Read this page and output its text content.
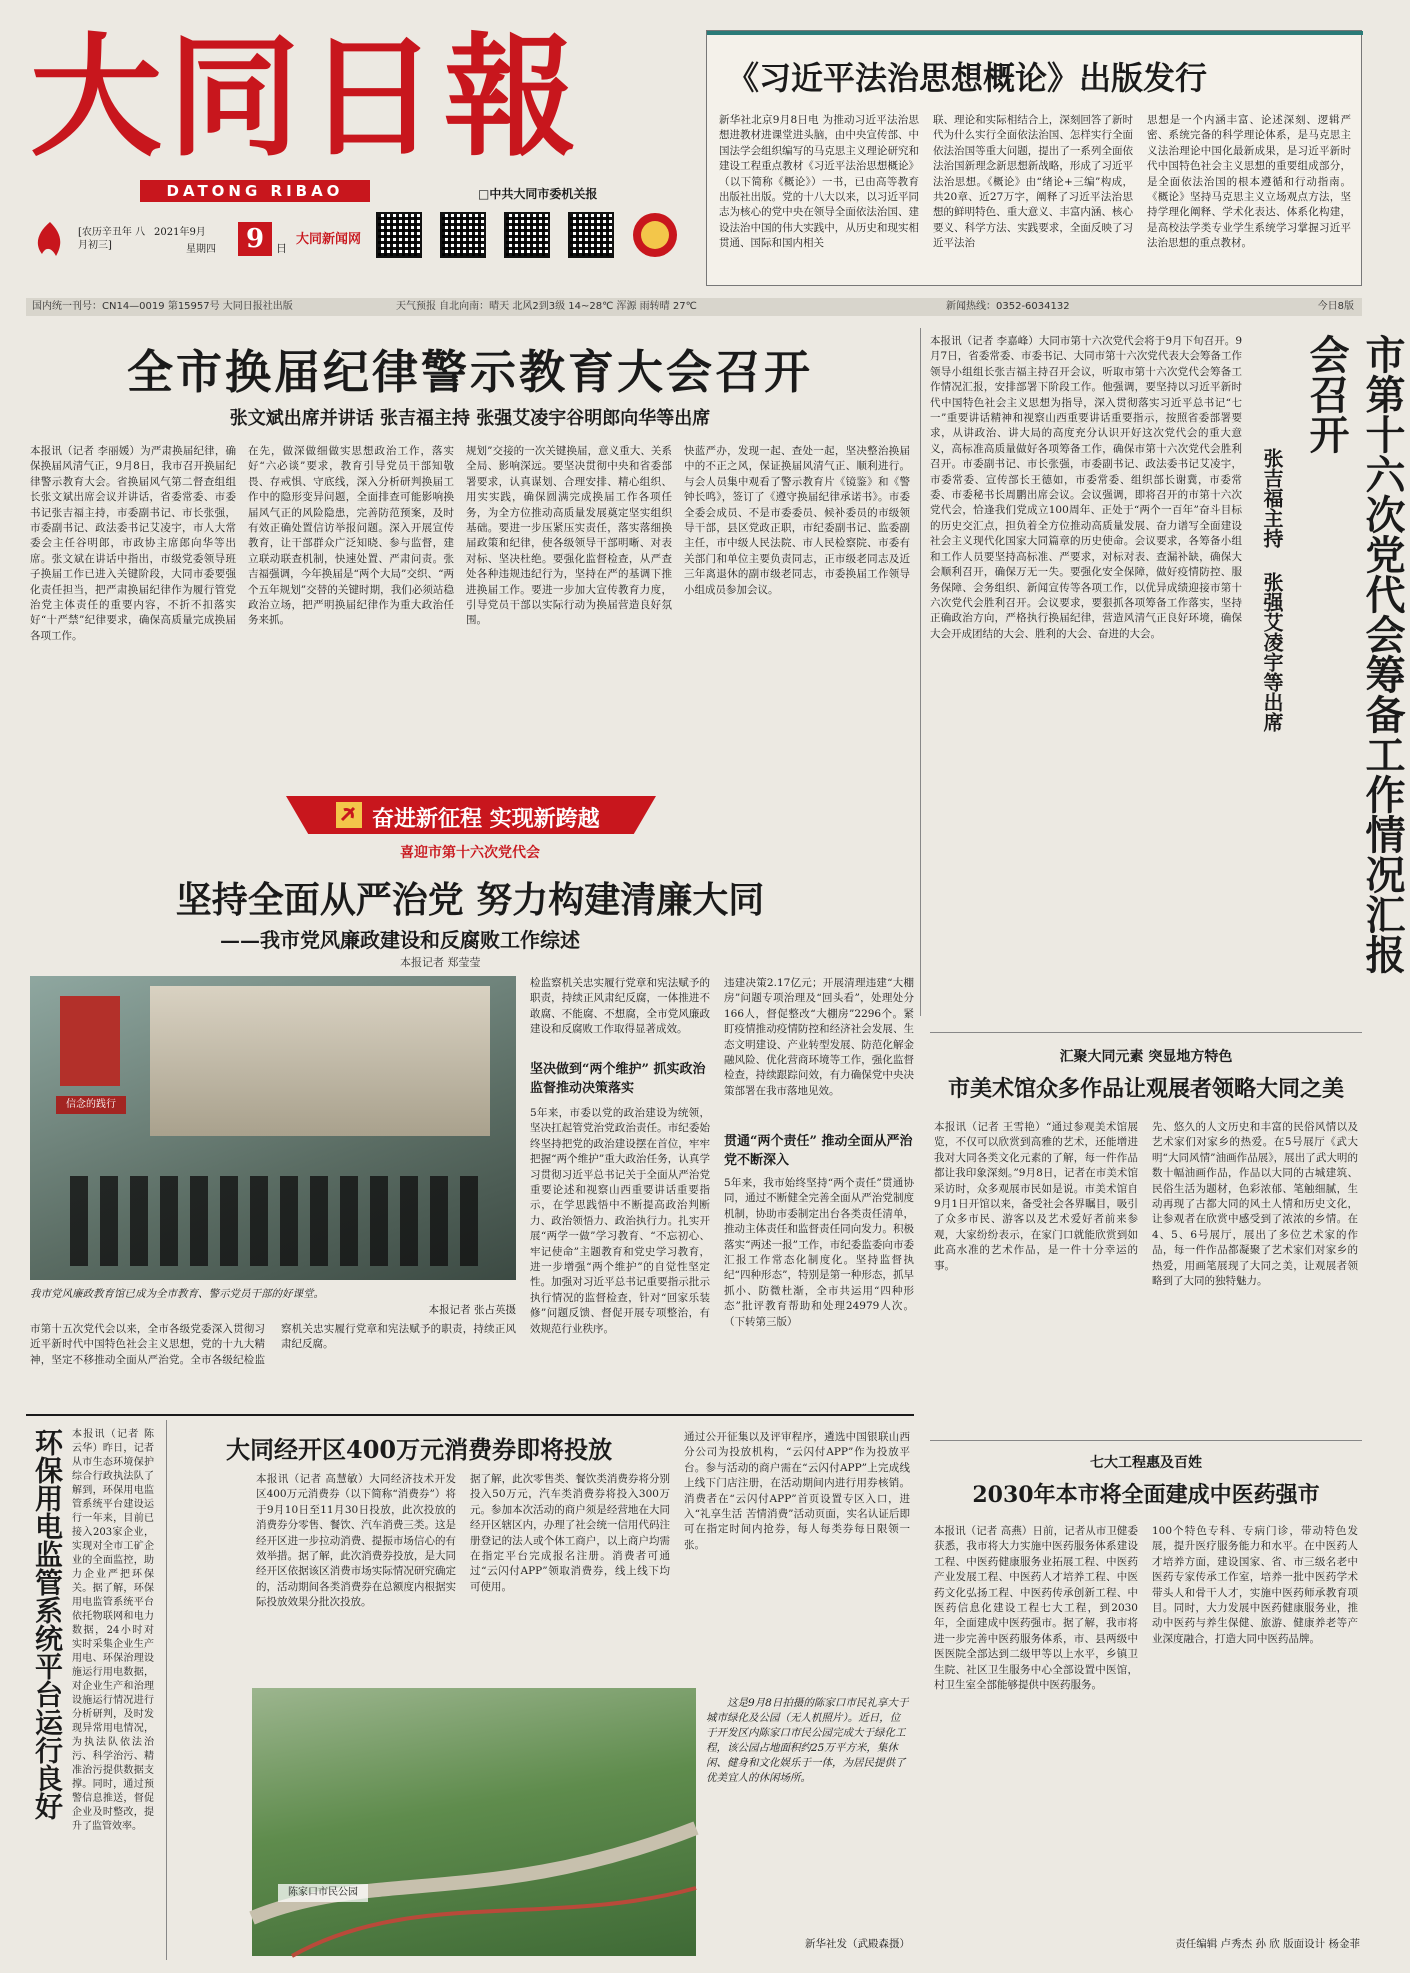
大同日報
DATONG RIBAO	□中共大同市委机关报
[农历辛丑年 八月初三]
2021年9月
星期四	9	日
大同新闻网
《习近平法治思想概论》出版发行
新华社北京9月8日电 为推动习近平法治思想进教材进课堂进头脑，由中央宣传部、中国法学会组织编写的马克思主义理论研究和建设工程重点教材《习近平法治思想概论》（以下简称《概论》）一书，已由高等教育出版社出版。党的十八大以来，以习近平同志为核心的党中央在领导全面依法治国、建设法治中国的伟大实践中，从历史和现实相贯通、国际和国内相关
联、理论和实际相结合上，深刻回答了新时代为什么实行全面依法治国、怎样实行全面依法治国等重大问题，提出了一系列全面依法治国新理念新思想新战略，形成了习近平法治思想。《概论》由“绪论+三编”构成，共20章、近27万字，阐释了习近平法治思想的鲜明特色、重大意义、丰富内涵、核心要义、科学方法、实践要求，全面反映了习近平法治
思想是一个内涵丰富、论述深刻、逻辑严密、系统完备的科学理论体系，是马克思主义法治理论中国化最新成果，是习近平新时代中国特色社会主义思想的重要组成部分，是全面依法治国的根本遵循和行动指南。《概论》坚持马克思主义立场观点方法，坚持学理化阐释、学术化表达、体系化构建，是高校法学类专业学生系统学习掌握习近平法治思想的重点教材。
国内统一刊号：CN14—0019 第15957号 大同日报社出版	天气预报 自北向南：晴天 北风2到3级 14~28℃ 浑源 雨转晴 27℃	新闻热线：0352-6034132	今日8版
全市换届纪律警示教育大会召开
张文斌出席并讲话 张吉福主持 张强艾凌宇谷明郎向华等出席
本报讯（记者 李丽媛）为严肃换届纪律，确保换届风清气正，9月8日，我市召开换届纪律警示教育大会。省换届风气第二督查组组长张文斌出席会议并讲话，省委常委、市委书记张吉福主持，市委副书记、市长张强，市委副书记、政法委书记艾凌宇，市人大常委会主任谷明郎，市政协主席郎向华等出席。张文斌在讲话中指出，市级党委领导班子换届工作已进入关键阶段，大同市委要强化责任担当，把严肃换届纪律作为履行管党治党主体责任的重要内容，不折不扣落实好“十严禁”纪律要求，确保高质量完成换届各项工作。
在先，做深做细做实思想政治工作，落实好“六必谈”要求，教育引导党员干部知敬畏、存戒惧、守底线，深入分析研判换届工作中的隐形变异问题，全面排查可能影响换届风气正的风险隐患，完善防范预案，及时有效正确处置信访举报问题。深入开展宣传教育，让干部群众广泛知晓、参与监督，建立联动联查机制，快速处置、严肃问责。张吉福强调，今年换届是“两个大局”交织、“两个五年规划”交替的关键时期，我们必须站稳政治立场，把严明换届纪律作为重大政治任务来抓。
规划”交接的一次关键换届，意义重大、关系全局、影响深远。要坚决贯彻中央和省委部署要求，认真谋划、合理安排、精心组织、用实实践，确保圆满完成换届工作各项任务，为全方位推动高质量发展奠定坚实组织基础。要进一步压紧压实责任，落实落细换届政策和纪律，使各级领导干部明晰、对表对标、坚决杜绝。要强化监督检查，从严查处各种违规违纪行为，坚持在严的基调下推进换届工作。要进一步加大宣传教育力度，引导党员干部以实际行动为换届营造良好氛围。
快蓝严办，发现一起、查处一起，坚决整治换届中的不正之风，保证换届风清气正、顺利进行。与会人员集中观看了警示教育片《镜鉴》和《警钟长鸣》，签订了《遵守换届纪律承诺书》。市委全委会成员、不是市委委员、候补委员的市级领导干部，县区党政正职，市纪委副书记、监委副主任，市中级人民法院、市人民检察院、市委有关部门和单位主要负责同志，正市级老同志及近三年离退休的副市级老同志，市委换届工作领导小组成员参加会议。
本报讯（记者 李嘉峰）大同市第十六次党代会将于9月下旬召开。9月7日，省委常委、市委书记、大同市第十六次党代表大会筹备工作领导小组组长张吉福主持召开会议，听取市第十六次党代会筹备工作情况汇报，安排部署下阶段工作。他强调，要坚持以习近平新时代中国特色社会主义思想为指导，深入贯彻落实习近平总书记“七一”重要讲话精神和视察山西重要讲话重要指示，按照省委部署要求，从讲政治、讲大局的高度充分认识开好这次党代会的重大意义，高标准高质量做好各项筹备工作，确保市第十六次党代会胜利召开。市委副书记、市长张强，市委副书记、政法委书记艾凌宇，市委常委、宣传部长王德如，市委常委、组织部长谢冀，市委常委、市委秘书长周鹏出席会议。会议强调，即将召开的市第十六次党代会，恰逢我们党成立100周年、正处于“两个一百年”奋斗目标的历史交汇点，担负着全方位推动高质量发展、奋力谱写全面建设社会主义现代化国家大同篇章的历史使命。会议要求，各筹备小组和工作人员要坚持高标准、严要求，对标对表、查漏补缺，确保大会顺利召开，确保万无一失。要强化安全保障，做好疫情防控、服务保障、会务组织、新闻宣传等各项工作，以优异成绩迎接市第十六次党代会胜利召开。会议要求，要狠抓各项筹备工作落实，坚持正确政治方向，严格执行换届纪律，营造风清气正良好环境，确保大会开成团结的大会、胜利的大会、奋进的大会。	市第十六次党代会筹备工作情况汇报会召开
张吉福主持 张强艾凌宇等出席
奋进新征程 实现新跨越
喜迎市第十六次党代会
坚持全面从严治党 努力构建清廉大同
——我市党风廉政建设和反腐败工作综述
本报记者 郑莹莹
信念的践行
我市党风廉政教育馆已成为全市教育、警示党员干部的好课堂。
本报记者 张占英摄
市第十五次党代会以来，全市各级党委深入贯彻习近平新时代中国特色社会主义思想，党的十九大精神，坚定不移推动全面从严治党。全市各级纪检监察机关忠实履行党章和宪法赋予的职责，持续正风肃纪反腐。
检监察机关忠实履行党章和宪法赋予的职责，持续正风肃纪反腐，一体推进不敢腐、不能腐、不想腐，全市党风廉政建设和反腐败工作取得显著成效。
坚决做到“两个维护” 抓实政治监督推动决策落实
5年来，市委以党的政治建设为统领，坚决扛起管党治党政治责任。市纪委始终坚持把党的政治建设摆在首位，牢牢把握“两个维护”重大政治任务，认真学习贯彻习近平总书记关于全面从严治党重要论述和视察山西重要讲话重要指示，在学思践悟中不断提高政治判断力、政治领悟力、政治执行力。扎实开展“两学一做”学习教育、“不忘初心、牢记使命”主题教育和党史学习教育，进一步增强“两个维护”的自觉性坚定性。加强对习近平总书记重要指示批示执行情况的监督检查，针对“回家乐装修”问题反馈、督促开展专项整治，有效规范行业秩序。
违建决策2.17亿元；开展清理违建“大棚房”问题专项治理及“回头看”，处理处分166人，督促整改“大棚房”2296个。紧盯疫情推动疫情防控和经济社会发展、生态文明建设、产业转型发展、防范化解金融风险、优化营商环境等工作，强化监督检查，持续跟踪问效，有力确保党中央决策部署在我市落地见效。
贯通“两个责任” 推动全面从严治党不断深入
5年来，我市始终坚持“两个责任”贯通协同，通过不断健全完善全面从严治党制度机制，协助市委制定出台各类责任清单，推动主体责任和监督责任同向发力。积极落实“两述一报”工作，市纪委监委向市委汇报工作常态化制度化。坚持监督执纪“四种形态”，特别是第一种形态，抓早抓小、防微杜渐，全市共运用“四种形态”批评教育帮助和处理24979人次。（下转第三版）
汇聚大同元素 突显地方特色
市美术馆众多作品让观展者领略大同之美
本报讯（记者 王雪艳）“通过参观美术馆展览，不仅可以欣赏到高雅的艺术，还能增进我对大同各类文化元素的了解，每一件作品都让我印象深刻。”9月8日，记者在市美术馆采访时，众多观展市民如是说。市美术馆自9月1日开馆以来，备受社会各界瞩目，吸引了众多市民、游客以及艺术爱好者前来参观，大家纷纷表示，在家门口就能欣赏到如此高水准的艺术作品，是一件十分幸运的事。
先、悠久的人文历史和丰富的民俗风情以及艺术家们对家乡的热爱。在5号展厅《武大明“大同风情”油画作品展》，展出了武大明的数十幅油画作品，作品以大同的古城建筑、民俗生活为题材，色彩浓郁、笔触细腻，生动再现了古都大同的风土人情和历史文化，让参观者在欣赏中感受到了浓浓的乡情。在4、5、6号展厅，展出了多位艺术家的作品，每一件作品都凝聚了艺术家们对家乡的热爱，用画笔展现了大同之美，让观展者领略到了大同的独特魅力。
环保用电监管系统平台运行良好 本报讯（记者 陈云华）昨日，记者从市生态环境保护综合行政执法队了解到，环保用电监管系统平台建设运行一年来，目前已接入203家企业，实现对全市工矿企业的全面监控，助力企业严把环保关。据了解，环保用电监管系统平台依托物联网和电力数据，24小时对实时采集企业生产用电、环保治理设施运行用电数据，对企业生产和治理设施运行情况进行分析研判，及时发现异常用电情况，为执法队依法治污、科学治污、精准治污提供数据支撑。同时，通过预警信息推送，督促企业及时整改，提升了监管效率。
大同经开区400万元消费券即将投放
本报讯（记者 高慧敏）大同经济技术开发区400万元消费券（以下简称“消费券”）将于9月10日至11月30日投放，此次投放的消费券分零售、餐饮、汽车消费三类。这是经开区进一步拉动消费、提振市场信心的有效举措。据了解，此次消费券投放，是大同经开区依据该区消费市场实际情况研究确定的，活动期间各类消费券在总额度内根据实际投放效果分批次投放。
据了解，此次零售类、餐饮类消费券将分别投入50万元，汽车类消费券将投入300万元。参加本次活动的商户须是经营地在大同经开区辖区内，办理了社会统一信用代码注册登记的法人或个体工商户，以上商户均需在指定平台完成报名注册。消费者可通过“云闪付APP”领取消费券，线上线下均可使用。
通过公开征集以及评审程序，遴选中国银联山西分公司为投放机构，“云闪付APP”作为投放平台。参与活动的商户需在“云闪付APP”上完成线上线下门店注册，在活动期间内进行用券核销。消费者在“云闪付APP”首页设置专区入口，进入“礼享生活 苦情消费”活动页面，实名认证后即可在指定时间内抢券，每人每类券每日限领一张。
陈家口市民公园
这是9月8日拍摄的陈家口市民礼享大于城市绿化及公园（无人机照片）。近日，位于开发区内陈家口市民公园完成大于绿化工程，该公园占地面积约25万平方米，集休闲、健身和文化娱乐于一体，为居民提供了优美宜人的休闲场所。
新华社发（武殿森摄）
七大工程惠及百姓
2030年本市将全面建成中医药强市
本报讯（记者 高燕）日前，记者从市卫健委获悉，我市将大力实施中医药服务体系建设工程、中医药健康服务业拓展工程、中医药产业发展工程、中医药人才培养工程、中医药文化弘扬工程、中医药传承创新工程、中医药信息化建设工程七大工程，到2030年，全面建成中医药强市。据了解，我市将进一步完善中医药服务体系，市、县两级中医医院全部达到二级甲等以上水平，乡镇卫生院、社区卫生服务中心全部设置中医馆，村卫生室全部能够提供中医药服务。
100个特色专科、专病门诊，带动特色发展，提升医疗服务能力和水平。在中医药人才培养方面，建设国家、省、市三级名老中医药专家传承工作室，培养一批中医药学术带头人和骨干人才，实施中医药师承教育项目。同时，大力发展中医药健康服务业，推动中医药与养生保健、旅游、健康养老等产业深度融合，打造大同中医药品牌。
责任编辑 卢秀杰 孙 欣 版面设计 杨金菲
